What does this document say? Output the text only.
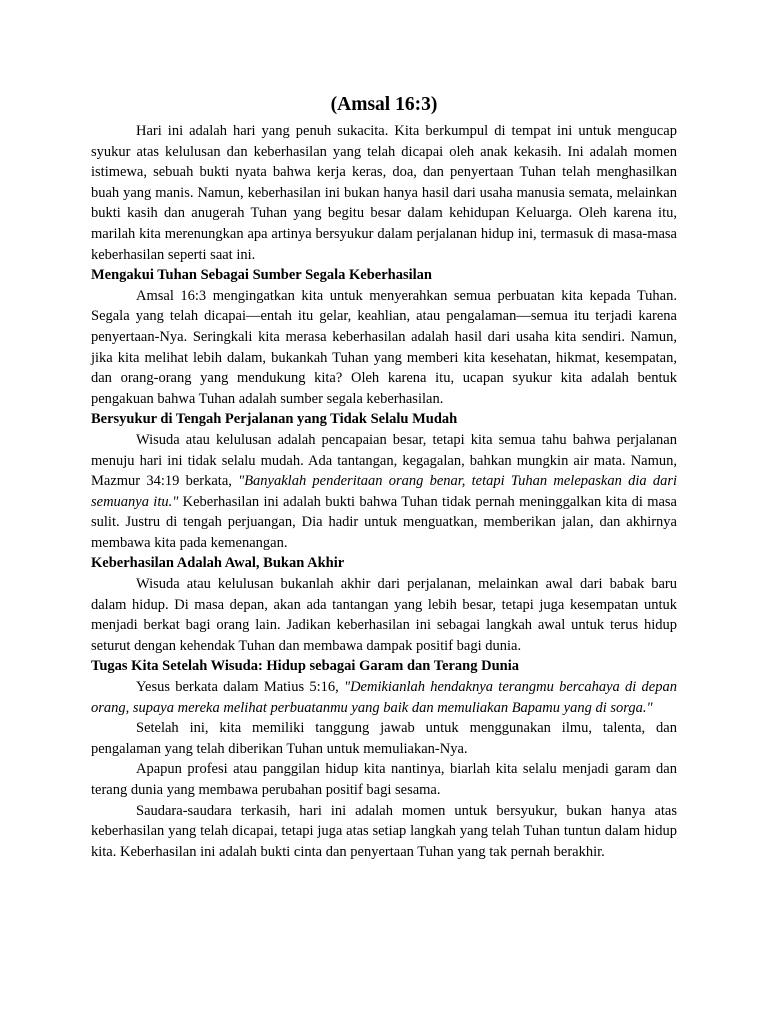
(Amsal 16:3)

Hari ini adalah hari yang penuh sukacita. Kita berkumpul di tempat ini untuk mengucap syukur atas kelulusan dan keberhasilan yang telah dicapai oleh anak kekasih. Ini adalah momen istimewa, sebuah bukti nyata bahwa kerja keras, doa, dan penyertaan Tuhan telah menghasilkan buah yang manis. Namun, keberhasilan ini bukan hanya hasil dari usaha manusia semata, melainkan bukti kasih dan anugerah Tuhan yang begitu besar dalam kehidupan Keluarga. Oleh karena itu, marilah kita merenungkan apa artinya bersyukur dalam perjalanan hidup ini, termasuk di masa-masa keberhasilan seperti saat ini.

Mengakui Tuhan Sebagai Sumber Segala Keberhasilan

Amsal 16:3 mengingatkan kita untuk menyerahkan semua perbuatan kita kepada Tuhan. Segala yang telah dicapai—entah itu gelar, keahlian, atau pengalaman—semua itu terjadi karena penyertaan-Nya. Seringkali kita merasa keberhasilan adalah hasil dari usaha kita sendiri. Namun, jika kita melihat lebih dalam, bukankah Tuhan yang memberi kita kesehatan, hikmat, kesempatan, dan orang-orang yang mendukung kita? Oleh karena itu, ucapan syukur kita adalah bentuk pengakuan bahwa Tuhan adalah sumber segala keberhasilan.

Bersyukur di Tengah Perjalanan yang Tidak Selalu Mudah

Wisuda atau kelulusan adalah pencapaian besar, tetapi kita semua tahu bahwa perjalanan menuju hari ini tidak selalu mudah. Ada tantangan, kegagalan, bahkan mungkin air mata. Namun, Mazmur 34:19 berkata, "Banyaklah penderitaan orang benar, tetapi Tuhan melepaskan dia dari semuanya itu." Keberhasilan ini adalah bukti bahwa Tuhan tidak pernah meninggalkan kita di masa sulit. Justru di tengah perjuangan, Dia hadir untuk menguatkan, memberikan jalan, dan akhirnya membawa kita pada kemenangan.

Keberhasilan Adalah Awal, Bukan Akhir

Wisuda atau kelulusan bukanlah akhir dari perjalanan, melainkan awal dari babak baru dalam hidup. Di masa depan, akan ada tantangan yang lebih besar, tetapi juga kesempatan untuk menjadi berkat bagi orang lain. Jadikan keberhasilan ini sebagai langkah awal untuk terus hidup seturut dengan kehendak Tuhan dan membawa dampak positif bagi dunia.

Tugas Kita Setelah Wisuda: Hidup sebagai Garam dan Terang Dunia

Yesus berkata dalam Matius 5:16, "Demikianlah hendaknya terangmu bercahaya di depan orang, supaya mereka melihat perbuatanmu yang baik dan memuliakan Bapamu yang di sorga."

Setelah ini, kita memiliki tanggung jawab untuk menggunakan ilmu, talenta, dan pengalaman yang telah diberikan Tuhan untuk memuliakan-Nya.

Apapun profesi atau panggilan hidup kita nantinya, biarlah kita selalu menjadi garam dan terang dunia yang membawa perubahan positif bagi sesama.

Saudara-saudara terkasih, hari ini adalah momen untuk bersyukur, bukan hanya atas keberhasilan yang telah dicapai, tetapi juga atas setiap langkah yang telah Tuhan tuntun dalam hidup kita. Keberhasilan ini adalah bukti cinta dan penyertaan Tuhan yang tak pernah berakhir.
